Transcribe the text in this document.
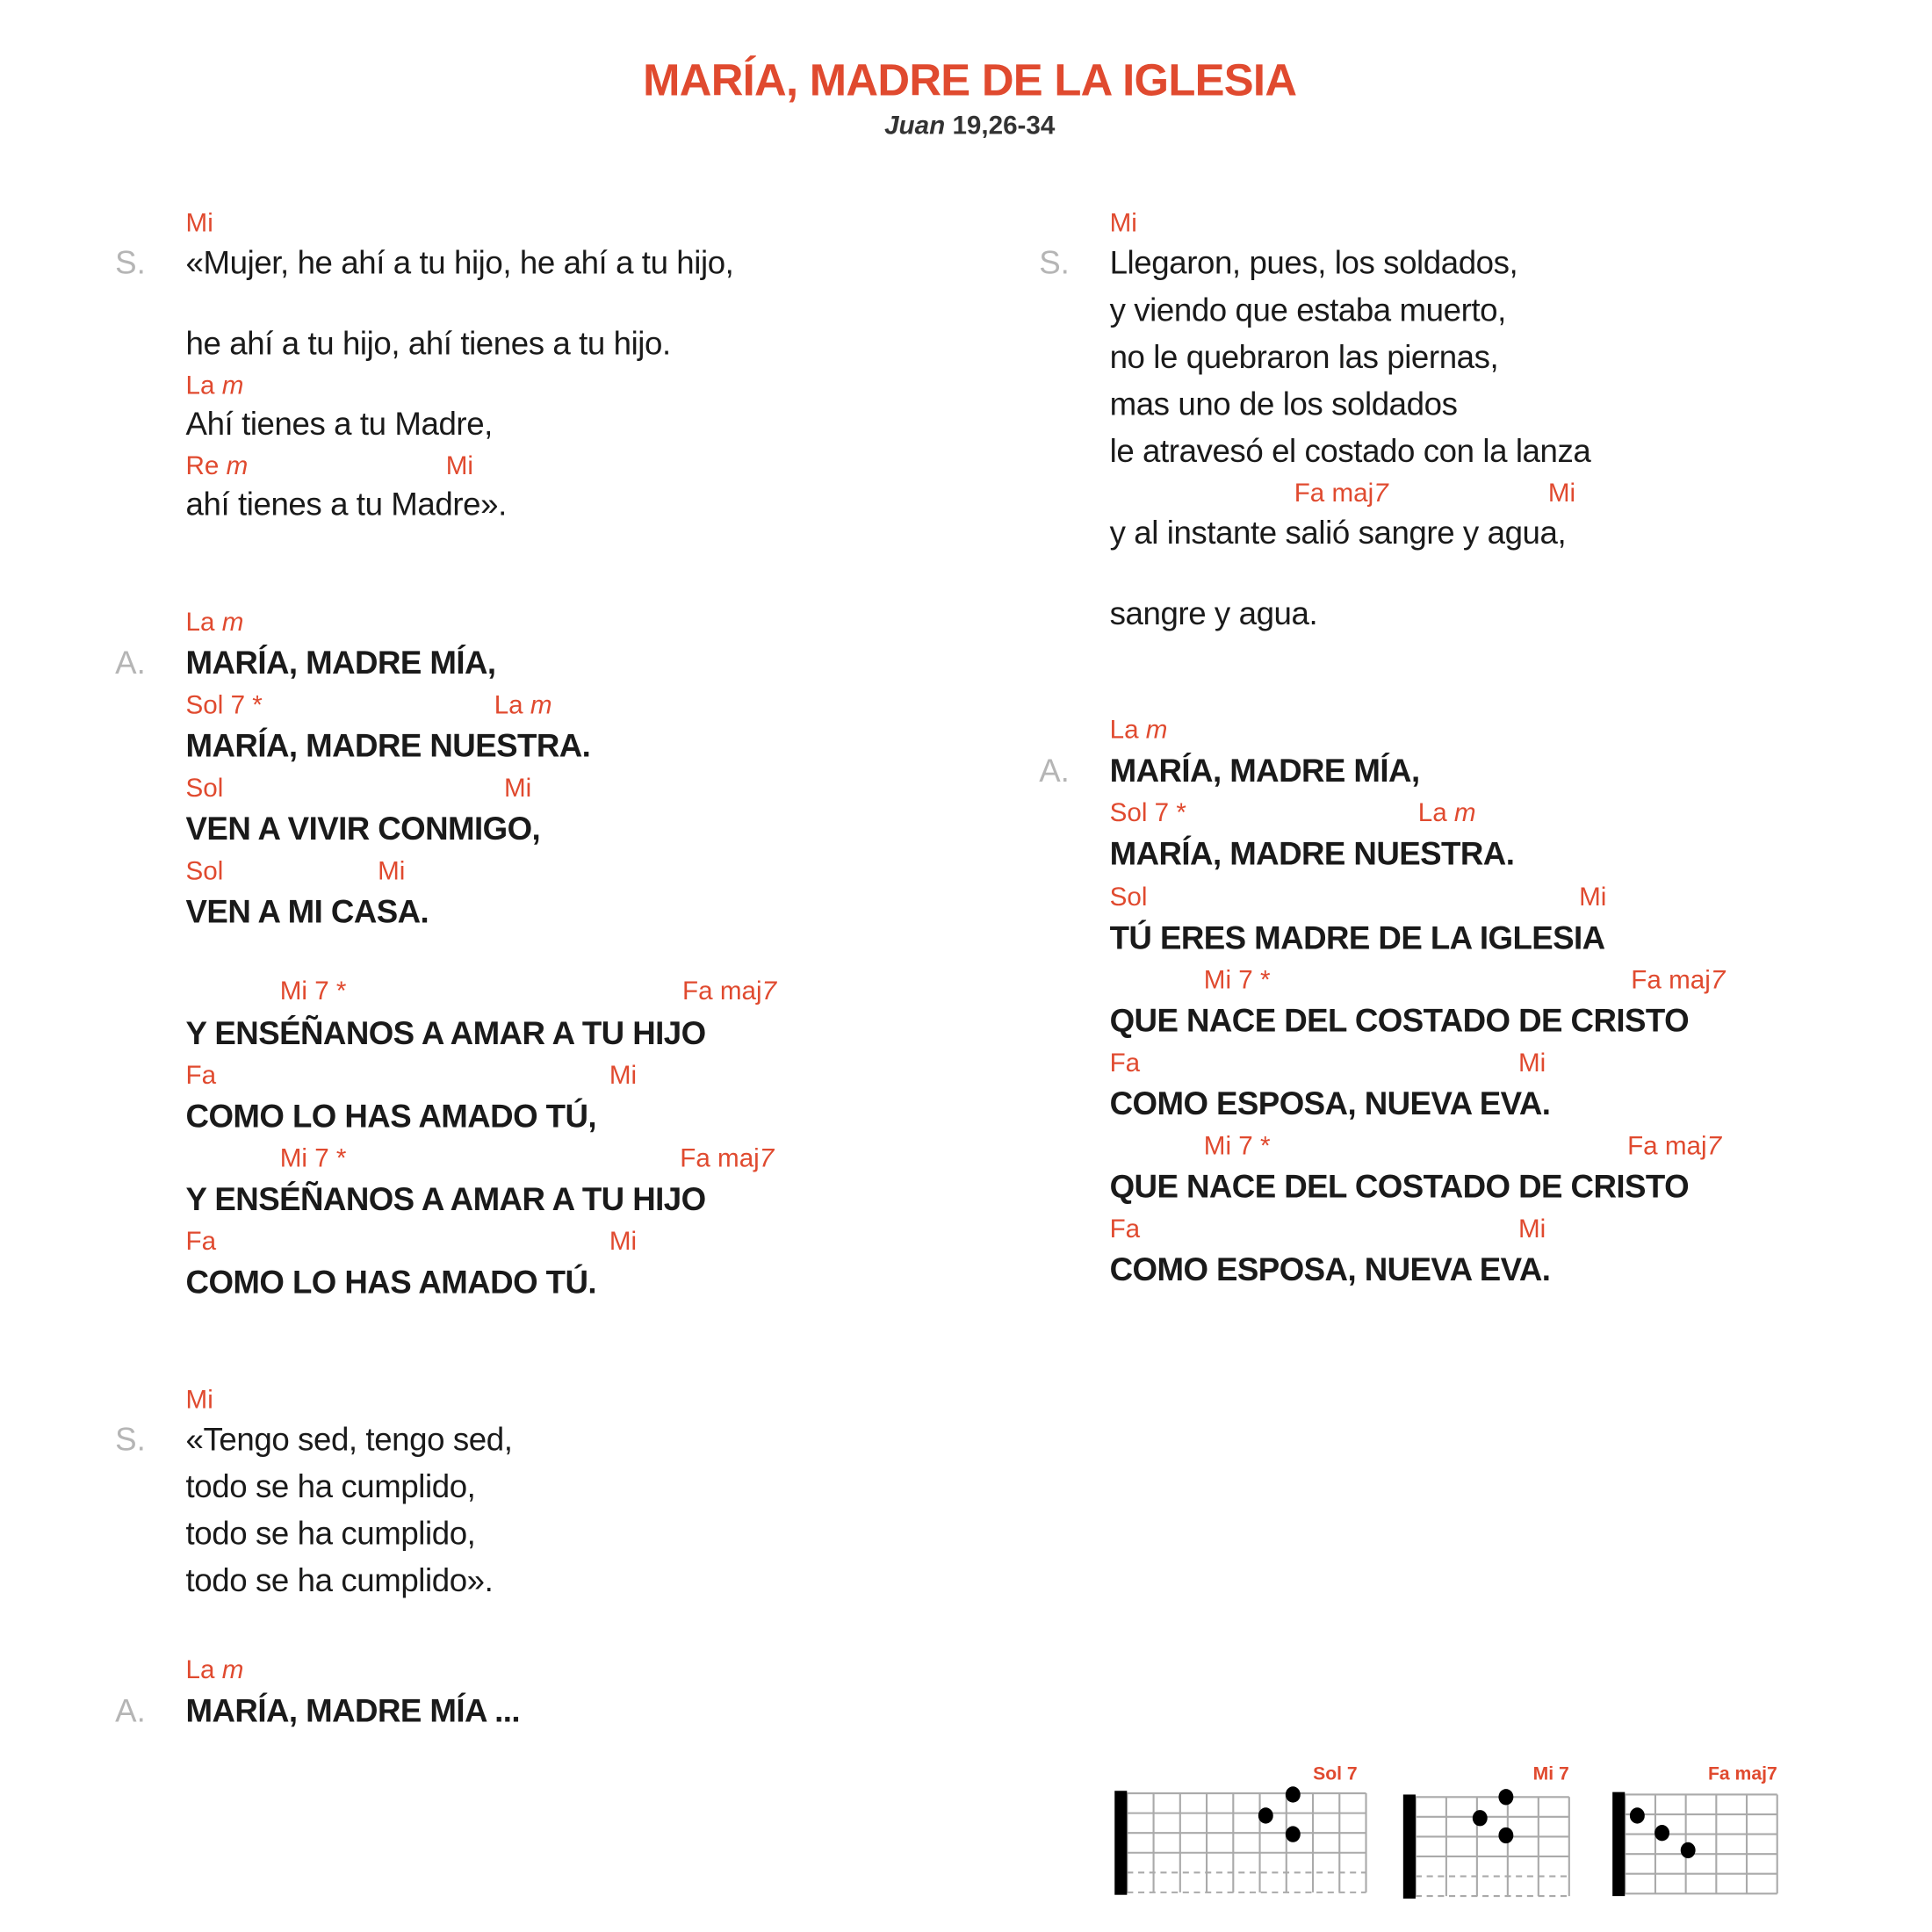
MARÍA, MADRE DE LA IGLESIA
Juan 19,26-34
Mi
S. «Mujer, he ahí a tu hijo, he ahí a tu hijo,
he ahí a tu hijo, ahí tienes a tu hijo.
La m
Ahí tienes a tu Madre,
Re m	Mi
ahí tienes a tu Madre».
La m
A. MARÍA, MADRE MÍA,
Sol 7 *	La m
MARÍA, MADRE NUESTRA.
Sol	Mi
VEN A VIVIR CONMIGO,
Sol	Mi
VEN A MI CASA.
Mi 7 *	Fa maj7
Y ENSÉÑANOS A AMAR A TU HIJO
Fa	Mi
COMO LO HAS AMADO TÚ,
Mi 7 *	Fa maj7
Y ENSÉÑANOS A AMAR A TU HIJO
Fa	Mi
COMO LO HAS AMADO TÚ.
Mi
S. «Tengo sed, tengo sed,
todo se ha cumplido,
todo se ha cumplido,
todo se ha cumplido».
La m
A. MARÍA, MADRE MÍA ...
Mi
S. Llegaron, pues, los soldados,
y viendo que estaba muerto,
no le quebraron las piernas,
mas uno de los soldados
le atravesó el costado con la lanza
Fa maj7	Mi
y al instante salió sangre y agua,
sangre y agua.
La m
A. MARÍA, MADRE MÍA,
Sol 7 *	La m
MARÍA, MADRE NUESTRA.
Sol	Mi
TÚ ERES MADRE DE LA IGLESIA
Mi 7 *	Fa maj7
QUE NACE DEL COSTADO DE CRISTO
Fa	Mi
COMO ESPOSA, NUEVA EVA.
Mi 7 *	Fa maj7
QUE NACE DEL COSTADO DE CRISTO
Fa	Mi
COMO ESPOSA, NUEVA EVA.
Sol 7	Mi 7	Fa maj7
